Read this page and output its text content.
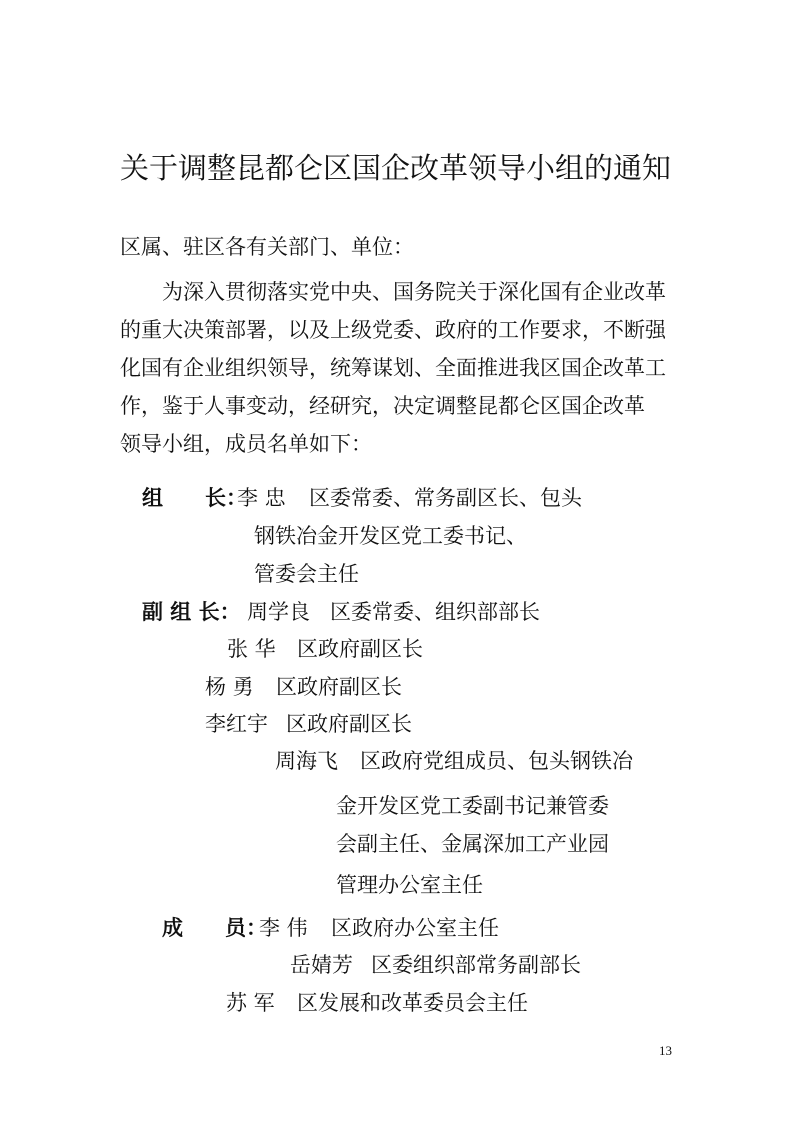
关于调整昆都仑区国企改革领导小组的通知
区属、驻区各有关部门、单位：
为深入贯彻落实党中央、国务院关于深化国有企业改革
的重大决策部署，以及上级党委、政府的工作要求，不断强
化国有企业组织领导，统筹谋划、全面推进我区国企改革工
作，鉴于人事变动，经研究，决定调整昆都仑区国企改革
领导小组，成员名单如下：
组　　长：
李 忠 区委常委、常务副区长、包头
钢铁冶金开发区党工委书记、
管委会主任
副 组 长： 周学良 区委常委、组织部部长
张 华 区政府副区长
杨 勇 区政府副区长
李红宇 区政府副区长
周海飞 区政府党组成员、包头钢铁冶
金开发区党工委副书记兼管委
会副主任、金属深加工产业园
管理办公室主任
成　　员：
李 伟 区政府办公室主任
岳婧芳 区委组织部常务副部长
苏 军 区发展和改革委员会主任
13
